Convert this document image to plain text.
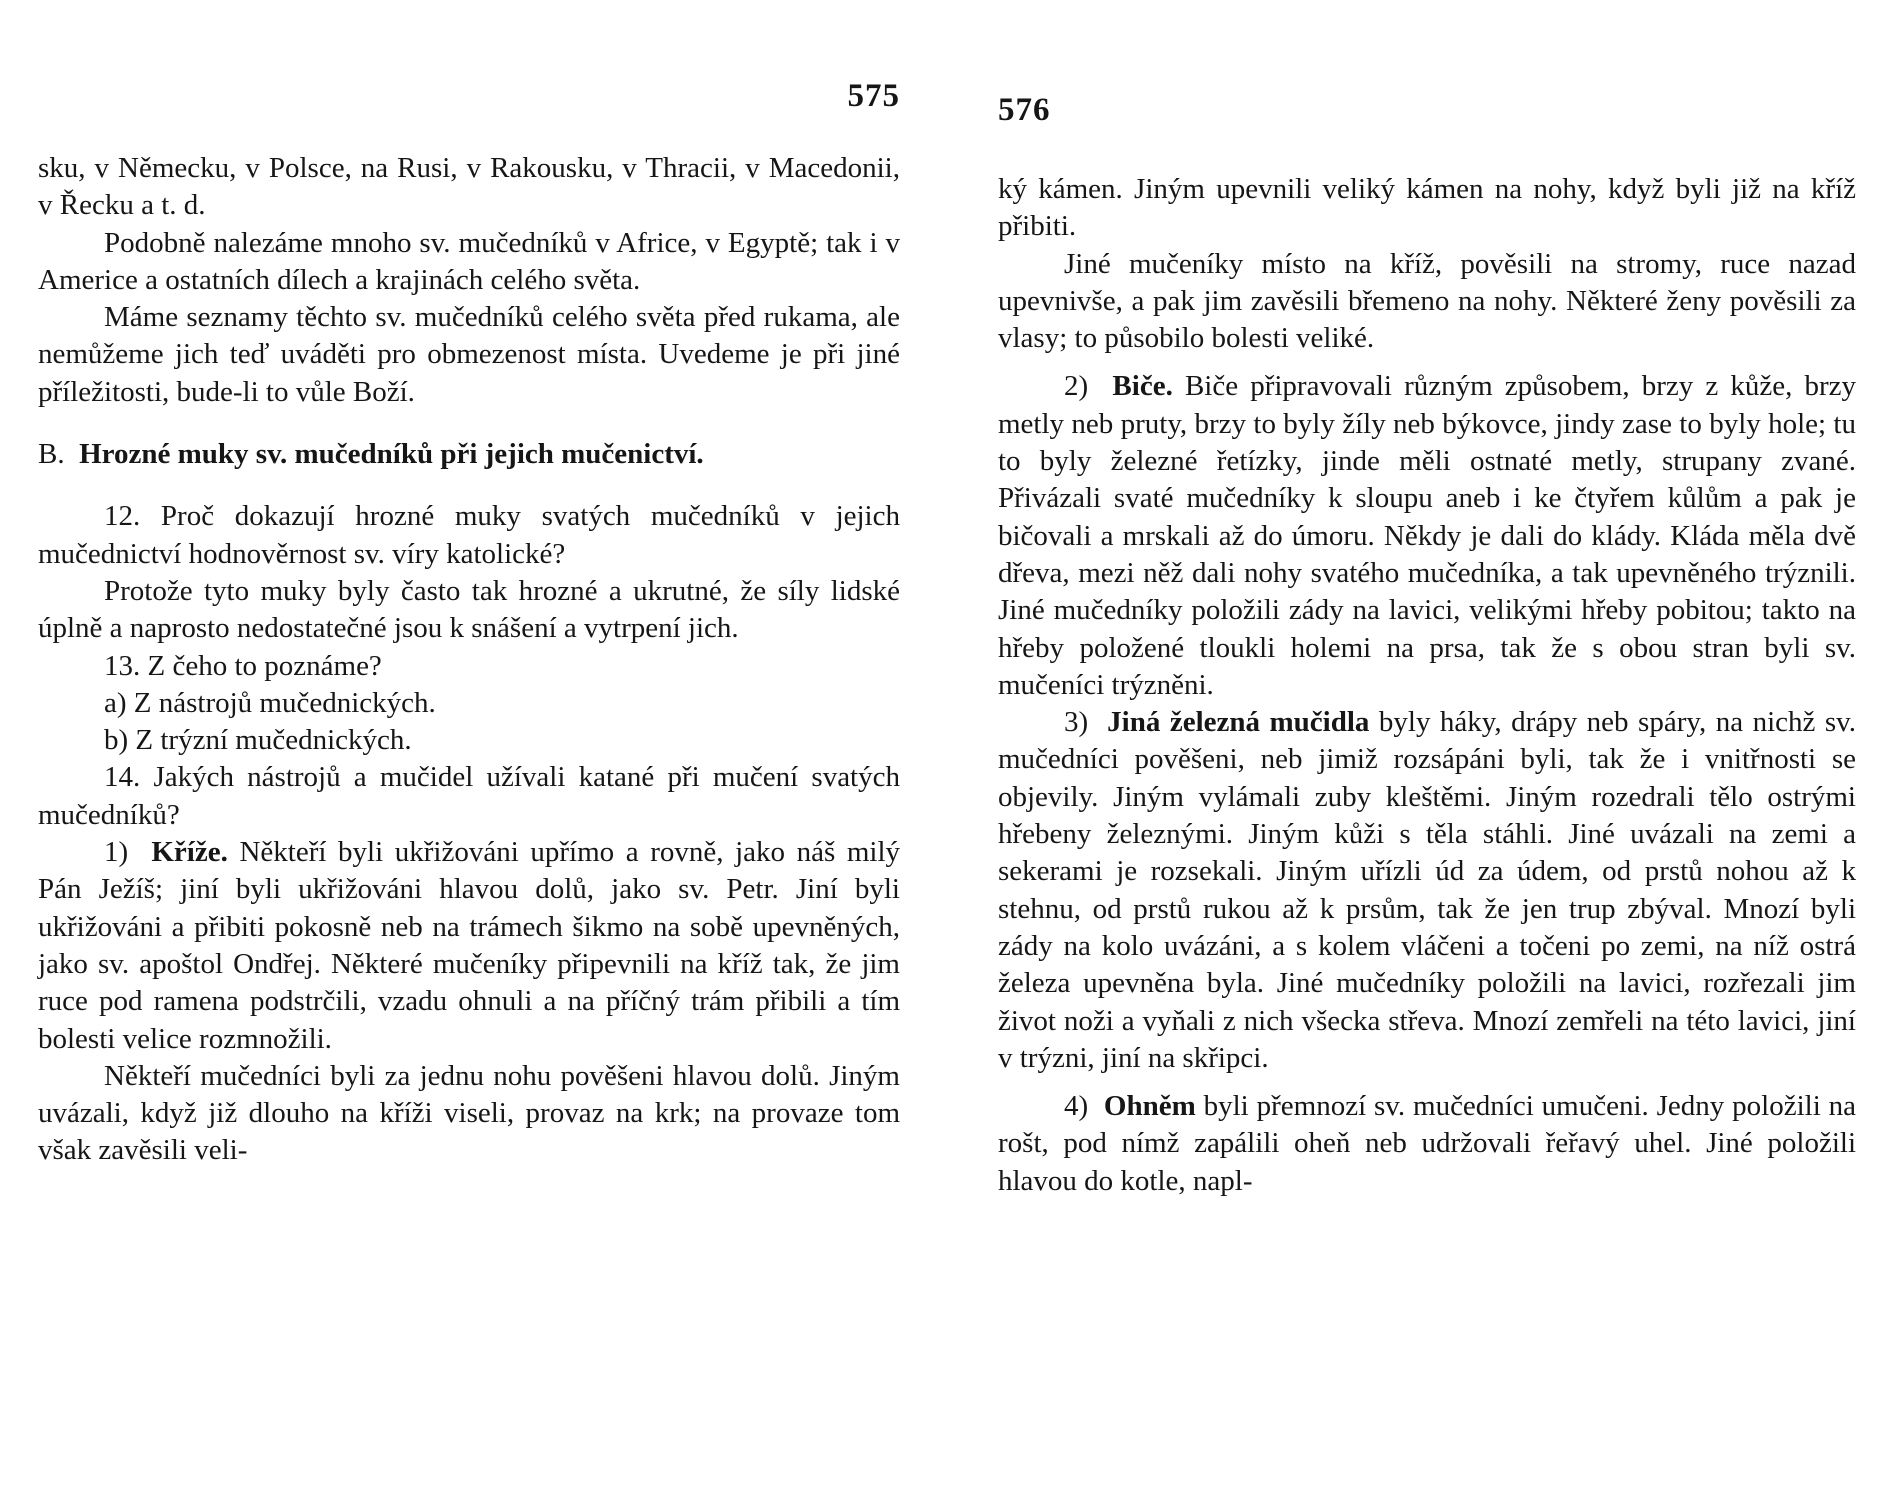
575

sku, v Německu, v Polsce, na Rusi, v Rakousku, v Thracii, v Macedonii, v Řecku a t. d.

Podobně nalezáme mnoho sv. mučedníků v Africe, v Egyptě; tak i v Americe a ostatních dílech a krajinách celého světa.

Máme seznamy těchto sv. mučedníků celého světa před rukama, ale nemůžeme jich teď uváděti pro obmezenost místa. Uvedeme je při jiné příležitosti, bude-li to vůle Boží.

B. Hrozné muky sv. mučedníků při jejich mučenictví.

12. Proč dokazují hrozné muky svatých mučedníků v jejich mučednictví hodnověrnost sv. víry katolické?

Protože tyto muky byly často tak hrozné a ukrutné, že síly lidské úplně a naprosto nedostatečné jsou k snášení a vytrpení jich.

13. Z čeho to poznáme?

a) Z nástrojů mučednických.

b) Z trýzní mučednických.

14. Jakých nástrojů a mučidel užívali katané při mučení svatých mučedníků?

1) Kříže. Někteří byli ukřižováni upřímo a rovně, jako náš milý Pán Ježíš; jiní byli ukřižováni hlavou dolů, jako sv. Petr. Jiní byli ukřižováni a přibiti pokosně neb na trámech šikmo na sobě upevněných, jako sv. apoštol Ondřej. Některé mučeníky připevnili na kříž tak, že jim ruce pod ramena podstrčili, vzadu ohnuli a na příčný trám přibili a tím bolesti velice rozmnožili.

Někteří mučedníci byli za jednu nohu pověšeni hlavou dolů. Jiným uvázali, když již dlouho na kříži viseli, provaz na krk; na provaze tom však zavěsili veli-

576

ký kámen. Jiným upevnili veliký kámen na nohy, když byli již na kříž přibiti.

Jiné mučeníky místo na kříž, pověsili na stromy, ruce nazad upevnivše, a pak jim zavěsili břemeno na nohy. Některé ženy pověsili za vlasy; to působilo bolesti veliké.

2) Biče. Biče připravovali různým způsobem, brzy z kůže, brzy metly neb pruty, brzy to byly žíly neb býkovce, jindy zase to byly hole; tu to byly železné řetízky, jinde měli ostnaté metly, strupany zvané. Přivázali svaté mučedníky k sloupu aneb i ke čtyřem kůlům a pak je bičovali a mrskali až do úmoru. Někdy je dali do klády. Kláda měla dvě dřeva, mezi něž dali nohy svatého mučedníka, a tak upevněného trýznili. Jiné mučedníky položili zády na lavici, velikými hřeby pobitou; takto na hřeby položené tloukli holemi na prsa, tak že s obou stran byli sv. mučeníci trýzněni.

3) Jiná železná mučidla byly háky, drápy neb spáry, na nichž sv. mučedníci pověšeni, neb jimiž rozsápáni byli, tak že i vnitřnosti se objevily. Jiným vylámali zuby kleštěmi. Jiným rozedrali tělo ostrými hřebeny železnými. Jiným kůži s těla stáhli. Jiné uvázali na zemi a sekerami je rozsekali. Jiným uřízli úd za údem, od prstů nohou až k stehnu, od prstů rukou až k prsům, tak že jen trup zbýval. Mnozí byli zády na kolo uvázáni, a s kolem vláčeni a točeni po zemi, na níž ostrá železa upevněna byla. Jiné mučedníky položili na lavici, rozřezali jim život noži a vyňali z nich všecka střeva. Mnozí zemřeli na této lavici, jiní v trýzni, jiní na skřipci.

4) Ohněm byli přemnozí sv. mučedníci umučeni. Jedny položili na rošt, pod nímž zapálili oheň neb udržovali řeřavý uhel. Jiné položili hlavou do kotle, napl-
